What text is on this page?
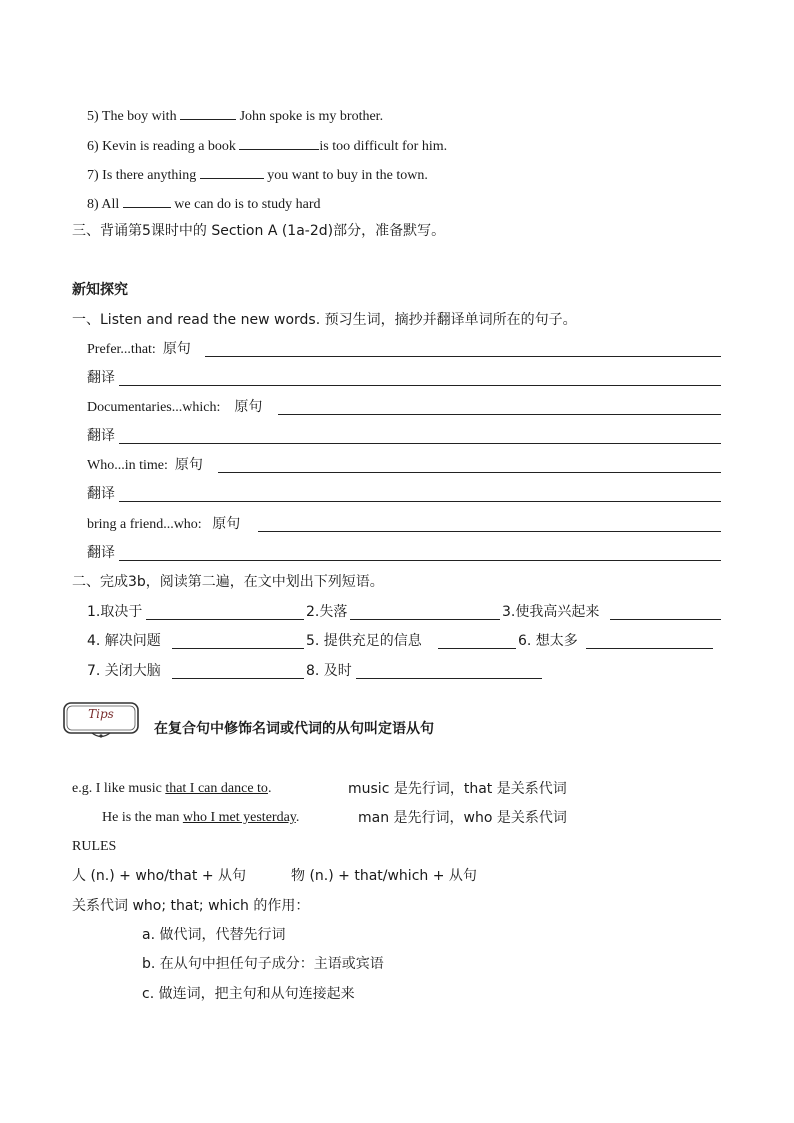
5) The boy with	John spoke is my brother.
6) Kevin is reading a book	is too difficult for him.
7) Is there anything	you want to buy in the town.
8) All	we can do is to study hard
三、背诵第5课时中的 Section A (1a-2d)部分，准备默写。
新知探究
一、Listen and read the new words. 预习生词，摘抄并翻译单词所在的句子。
Prefer...that: 原句
翻译
Documentaries...which: 原句
翻译
Who...in time: 原句
翻译
bring a friend...who: 原句
翻译
二、完成3b，阅读第二遍，在文中划出下列短语。
1.取决于	2.失落	3.使我高兴起来
4. 解决问题	5. 提供充足的信息	6. 想太多
7. 关闭大脑	8. 及时
Tips
在复合句中修饰名词或代词的从句叫定语从句
e.g. I like music that I can dance to.	music 是先行词，that 是关系代词
He is the man who I met yesterday.	man 是先行词，who 是关系代词
RULES
人 (n.) + who/that + 从句	物 (n.) + that/which + 从句
关系代词 who; that; which 的作用：
a. 做代词，代替先行词
b. 在从句中担任句子成分：主语或宾语
c. 做连词，把主句和从句连接起来
